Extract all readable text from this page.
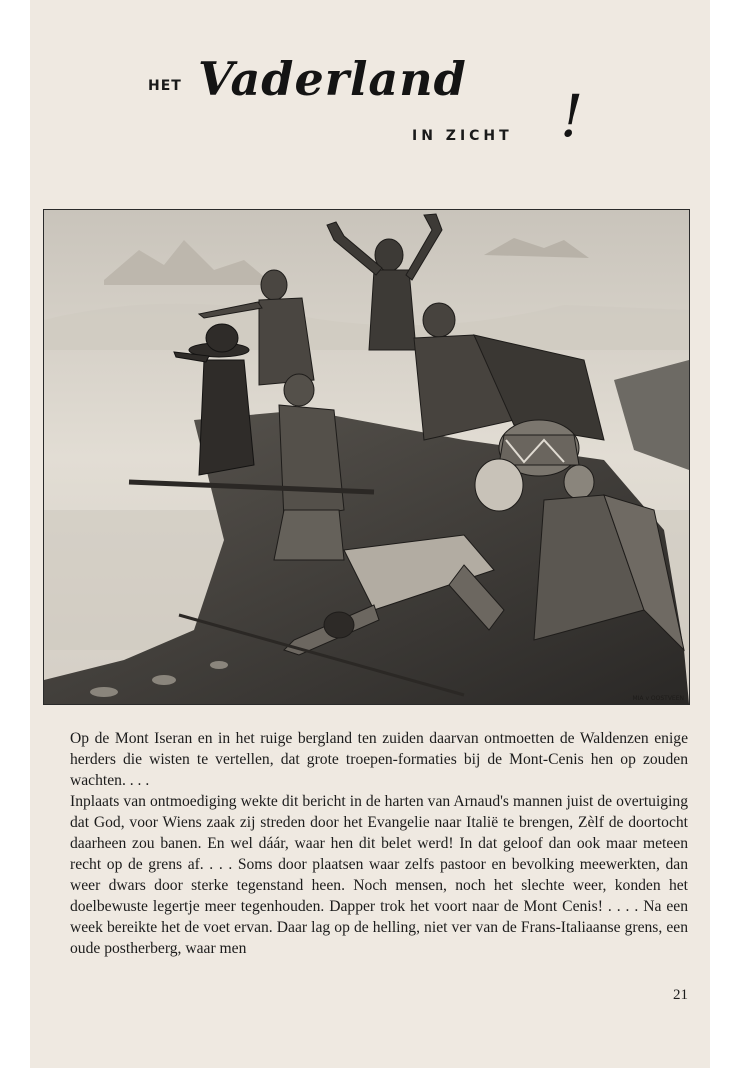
HET Vaderland
IN ZICHT !
MIA v OOSTVEEN

Op de Mont Iseran en in het ruige bergland ten zuiden daarvan ontmoetten de Waldenzen enige herders die wisten te vertellen, dat grote troepen-formaties bij de Mont-Cenis hen op zouden wachten. . . .

Inplaats van ontmoediging wekte dit bericht in de harten van Arnaud's mannen juist de overtuiging dat God, voor Wiens zaak zij streden door het Evangelie naar Italië te brengen, Zèlf de doortocht daarheen zou banen. En wel dáár, waar hen dit belet werd! In dat geloof dan ook maar meteen recht op de grens af. . . . Soms door plaatsen waar zelfs pastoor en bevolking meewerkten, dan weer dwars door sterke tegenstand heen. Noch mensen, noch het slechte weer, konden het doelbewuste legertje meer tegenhouden. Dapper trok het voort naar de Mont Cenis! . . . . Na een week bereikte het de voet ervan. Daar lag op de helling, niet ver van de Frans-Italiaanse grens, een oude postherberg, waar men

21
